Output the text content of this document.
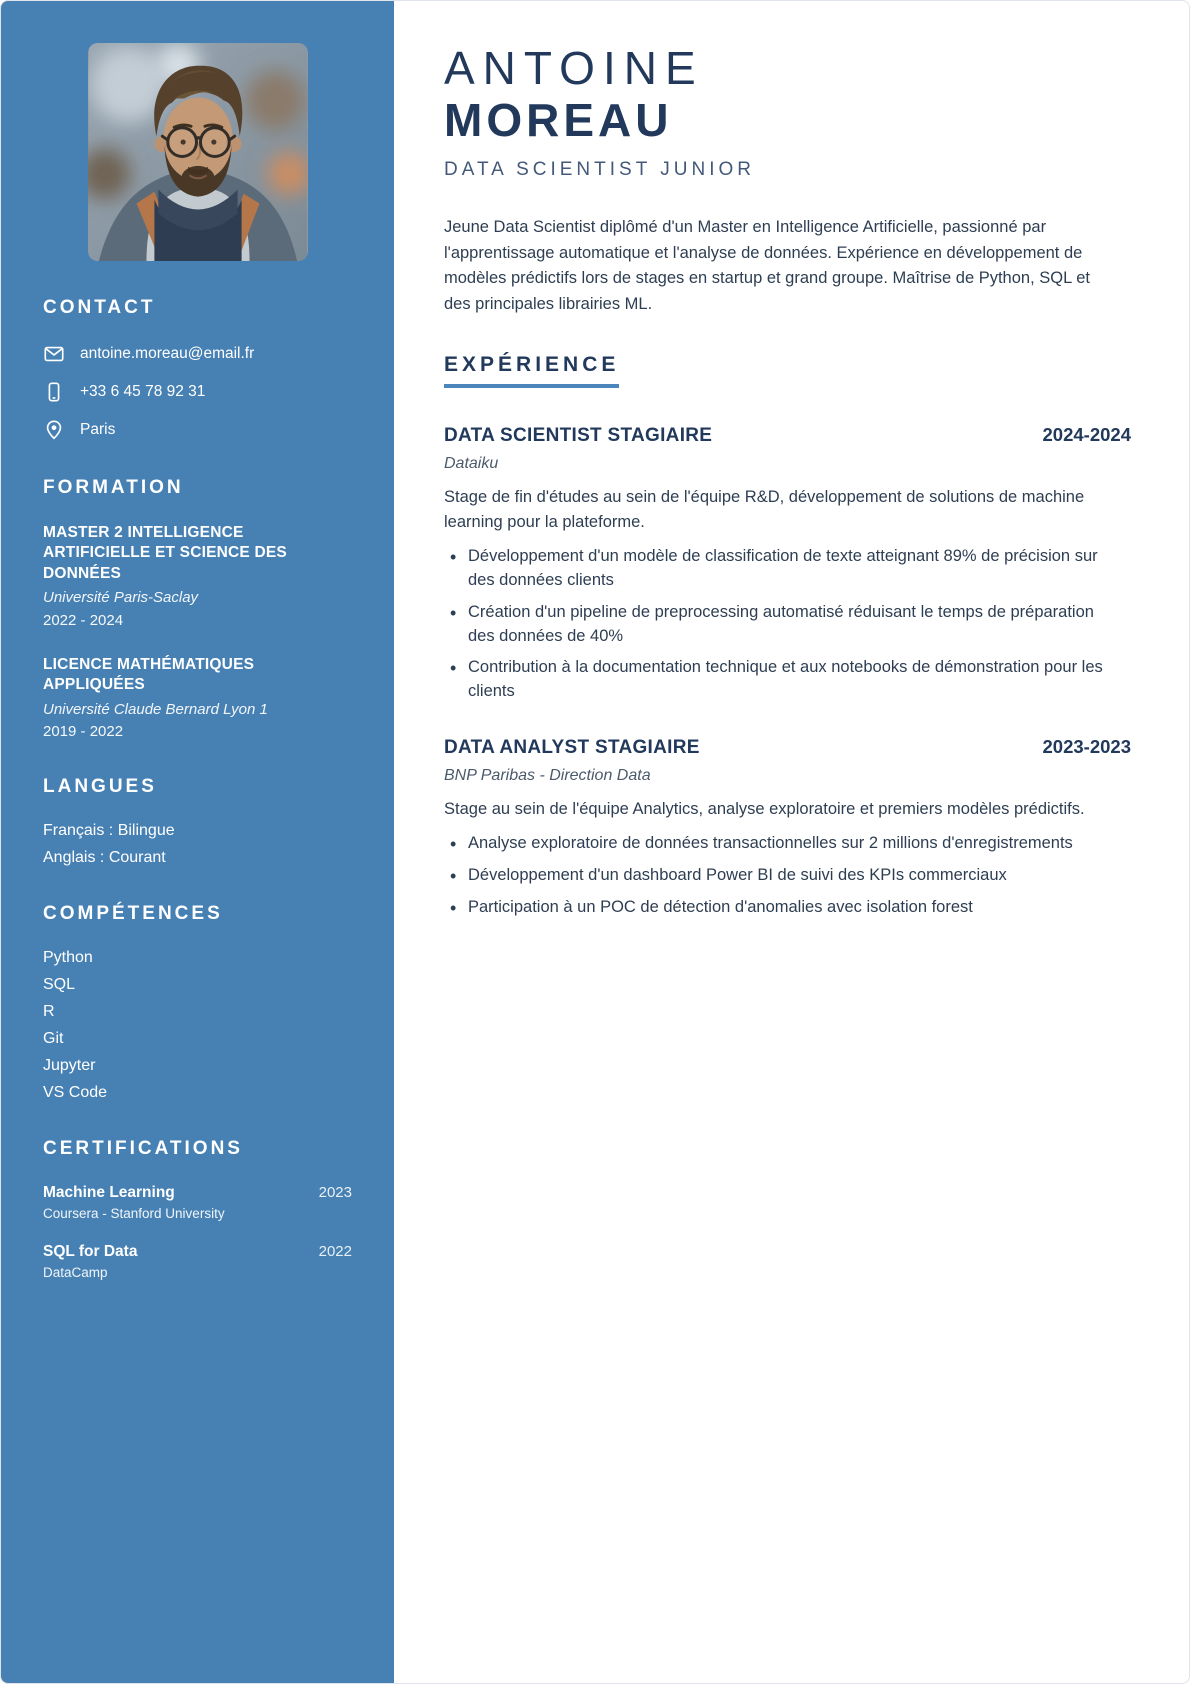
CONTACT
antoine.moreau@email.fr
+33 6 45 78 92 31
Paris
FORMATION
MASTER 2 INTELLIGENCE ARTIFICIELLE ET SCIENCE DES DONNÉES
Université Paris-Saclay
2022 - 2024
LICENCE MATHÉMATIQUES APPLIQUÉES
Université Claude Bernard Lyon 1
2019 - 2022
LANGUES
Français : Bilingue
Anglais : Courant
COMPÉTENCES
Python
SQL
R
Git
Jupyter
VS Code
CERTIFICATIONS
Machine Learning	2023
Coursera - Stanford University
SQL for Data	2022
DataCamp
ANTOINE
MOREAU
DATA SCIENTIST JUNIOR

Jeune Data Scientist diplômé d'un Master en Intelligence Artificielle, passionné par l'apprentissage automatique et l'analyse de données. Expérience en développement de modèles prédictifs lors de stages en startup et grand groupe. Maîtrise de Python, SQL et des principales librairies ML.

EXPÉRIENCE
DATA SCIENTIST STAGIAIRE	2024-2024
Dataiku

Stage de fin d'études au sein de l'équipe R&D, développement de solutions de machine learning pour la plateforme.

• Développement d'un modèle de classification de texte atteignant 89% de précision sur des données clients
• Création d'un pipeline de preprocessing automatisé réduisant le temps de préparation des données de 40%
• Contribution à la documentation technique et aux notebooks de démonstration pour les clients
DATA ANALYST STAGIAIRE	2023-2023
BNP Paribas - Direction Data

Stage au sein de l'équipe Analytics, analyse exploratoire et premiers modèles prédictifs.

• Analyse exploratoire de données transactionnelles sur 2 millions d'enregistrements
• Développement d'un dashboard Power BI de suivi des KPIs commerciaux
• Participation à un POC de détection d'anomalies avec isolation forest
